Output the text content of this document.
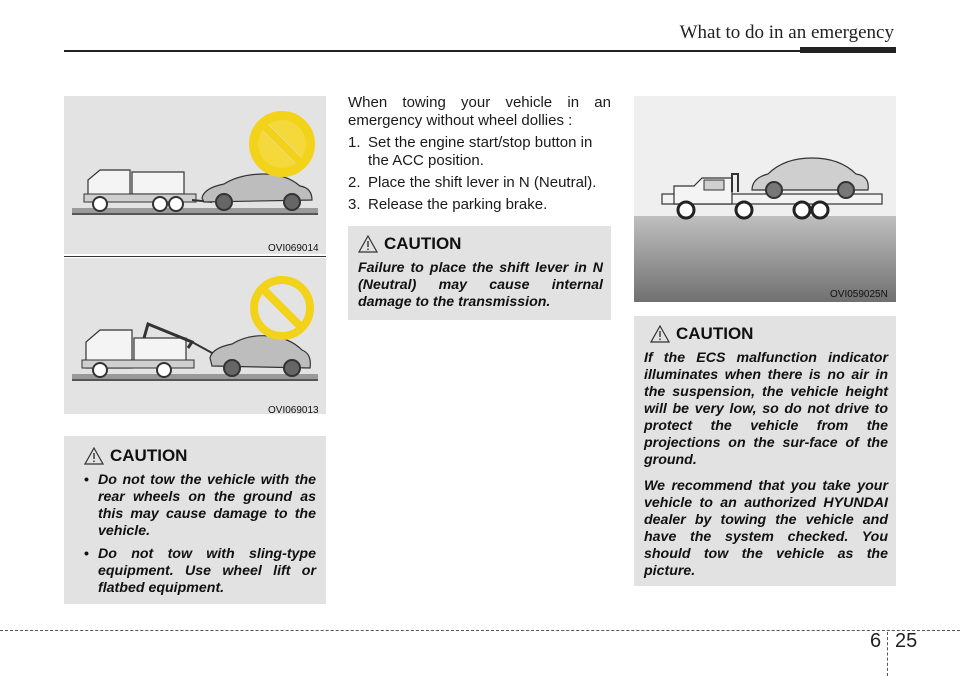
What to do in an emergency
OVI069014
OVI069013
CAUTION
• Do not tow the vehicle with the rear wheels on the ground as this may cause damage to the vehicle.
• Do not tow with sling-type equipment. Use wheel lift or flatbed equipment.
When towing your vehicle in an emergency without wheel dollies :
1. Set the engine start/stop button in the ACC position.
2. Place the shift lever in N (Neutral).
3. Release the parking brake.
CAUTION
Failure to place the shift lever in N (Neutral) may cause internal damage to the transmission.	OVI059025N
CAUTION
If the ECS malfunction indicator illuminates when there is no air in the suspension, the vehicle height will be very low, so do not drive to protect the vehicle from the projections on the sur-face of the ground.
We recommend that you take your vehicle to an authorized HYUNDAI dealer by towing the vehicle and have the system checked. You should tow the vehicle as the picture.
6 25
